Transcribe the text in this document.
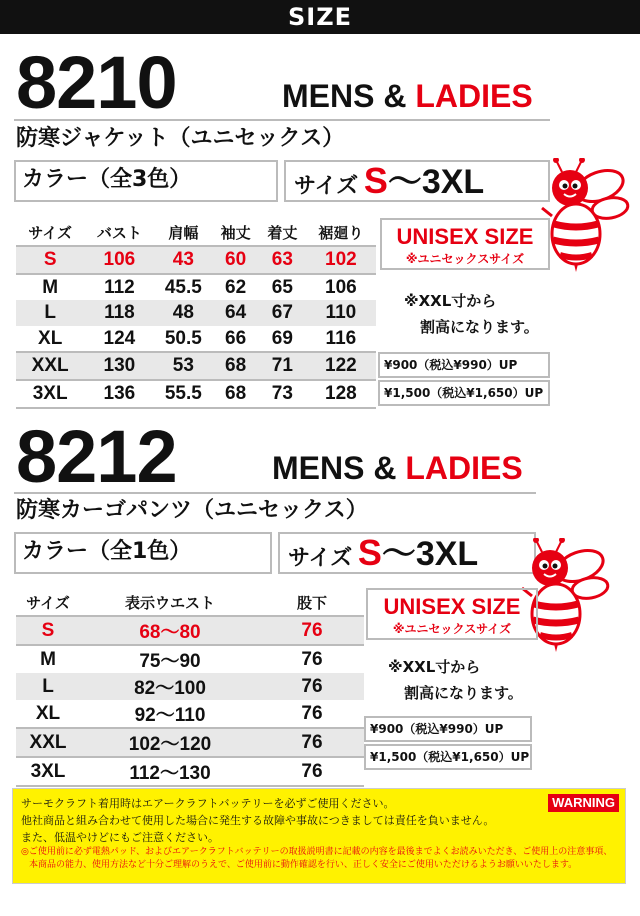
SIZE
8210	MENS & LADIES
防寒ジャケット（ユニセックス）
カラー（全3色）	サイズ S〜3XL
サイズ	バスト	肩幅	袖丈	着丈	裾廻り
S	106	43	60	63	102
M	112	45.5	62	65	106
L	118	48	64	67	110
XL	124	50.5	66	69	116
XXL	130	53	68	71	122
3XL	136	55.5	68	73	128
UNISEX SIZE
※ユニセックスサイズ
※XXL寸から
割高になります。
¥900（税込¥990）UP
¥1,500（税込¥1,650）UP
8212	MENS & LADIES
防寒カーゴパンツ（ユニセックス）
カラー（全1色）	サイズ S〜3XL
サイズ	表示ウエスト	股下
S	68〜80	76
M	75〜90	76
L	82〜100	76
XL	92〜110	76
XXL	102〜120	76
3XL	112〜130	76
UNISEX SIZE
※ユニセックスサイズ
※XXL寸から
割高になります。
¥900（税込¥990）UP
¥1,500（税込¥1,650）UP
WARNING
サーモクラフト着用時はエアークラフトバッテリーを必ずご使用ください。
他社商品と組み合わせて使用した場合に発生する故障や事故につきましては責任を負いません。
また、低温やけどにもご注意ください。
◎ご使用前に必ず電熱パッド、およびエアークラフトバッテリーの取扱説明書に記載の内容を最後までよくお読みいただき、ご使用上の注意事項、
本商品の能力、使用方法など十分ご理解のうえで、ご使用前に動作確認を行い、正しく安全にご使用いただけるようお願いいたします。
